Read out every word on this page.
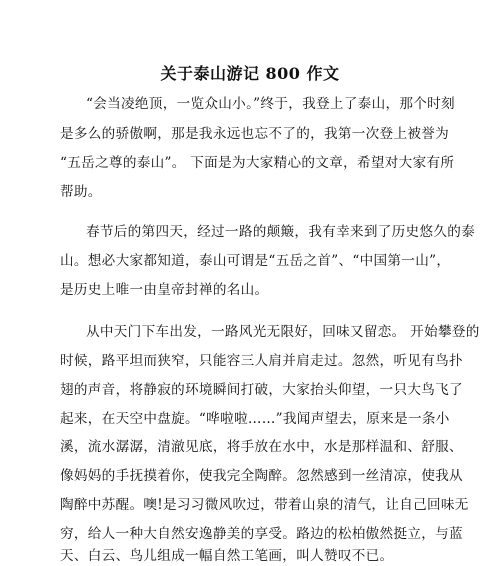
关于泰山游记 800 作文
“会当凌绝顶，一览众山小。”终于，我登上了泰山，那个时刻
是多么的骄傲啊，那是我永远也忘不了的，我第一次登上被誉为
“五岳之尊的泰山”。 下面是为大家精心的文章，希望对大家有所
帮助。
春节后的第四天，经过一路的颠簸，我有幸来到了历史悠久的泰
山。想必大家都知道，泰山可谓是“五岳之首”、“中国第一山”，
是历史上唯一由皇帝封禅的名山。
从中天门下车出发，一路风光无限好，回味又留恋。 开始攀登的
时候，路平坦而狭窄，只能容三人肩并肩走过。忽然，听见有鸟扑
翅的声音，将静寂的环境瞬间打破，大家抬头仰望，一只大鸟飞了
起来，在天空中盘旋。“哗啦啦……”我闻声望去，原来是一条小
溪，流水潺潺，清澈见底，将手放在水中，水是那样温和、舒服、
像妈妈的手抚摸着你，使我完全陶醉。忽然感到一丝清凉，使我从
陶醉中苏醒。噢!是习习微风吹过，带着山泉的清气，让自己回味无
穷，给人一种大自然安逸静美的享受。路边的松柏傲然挺立，与蓝
天、白云、鸟儿组成一幅自然工笔画，叫人赞叹不已。
